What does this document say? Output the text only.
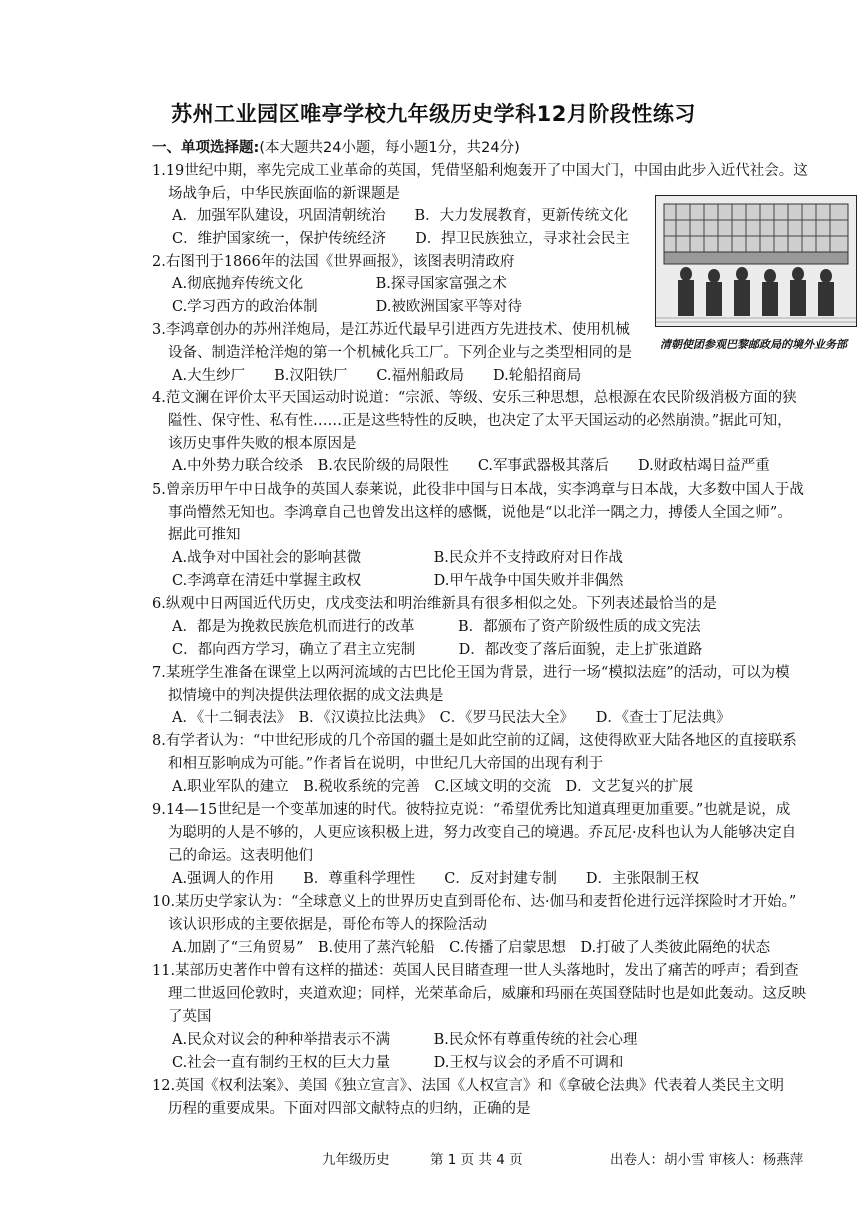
苏州工业园区唯亭学校九年级历史学科12月阶段性练习
一、单项选择题:(本大题共24小题，每小题1分，共24分)
清朝使团参观巴黎邮政局的境外业务部
1.19世纪中期，率先完成工业革命的英国，凭借坚船利炮轰开了中国大门，中国由此步入近代社会。这
场战争后，中华民族面临的新课题是
A．加强军队建设，巩固清朝统治　　B．大力发展教育，更新传统文化
C．维护国家统一，保护传统经济　　D．捍卫民族独立，寻求社会民主
2.右图刊于1866年的法国《世界画报》，该图表明清政府
A.彻底抛弃传统文化　　　　　B.探寻国家富强之术
C.学习西方的政治体制　　　　D.被欧洲国家平等对待
3.李鸿章创办的苏州洋炮局，是江苏近代最早引进西方先进技术、使用机械
设备、制造洋枪洋炮的第一个机械化兵工厂。下列企业与之类型相同的是
A.大生纱厂　　B.汉阳铁厂　　C.福州船政局　　D.轮船招商局
4.范文澜在评价太平天国运动时说道：“宗派、等级、安乐三种思想，总根源在农民阶级消极方面的狭
隘性、保守性、私有性……正是这些特性的反映，也决定了太平天国运动的必然崩溃。”据此可知，
该历史事件失败的根本原因是
A.中外势力联合绞杀　B.农民阶级的局限性　　C.军事武器极其落后　　D.财政枯竭日益严重
5.曾亲历甲午中日战争的英国人泰莱说，此役非中国与日本战，实李鸿章与日本战，大多数中国人于战
事尚懵然无知也。李鸿章自己也曾发出这样的感慨，说他是“以北洋一隅之力，搏倭人全国之师”。
据此可推知
A.战争对中国社会的影响甚微　　　　　B.民众并不支持政府对日作战
C.李鸿章在清廷中掌握主政权　　　　　D.甲午战争中国失败并非偶然
6.纵观中日两国近代历史，戊戌变法和明治维新具有很多相似之处。下列表述最恰当的是
A．都是为挽救民族危机而进行的改革　　　B．都颁布了资产阶级性质的成文宪法
C．都向西方学习，确立了君主立宪制　　　D．都改变了落后面貌，走上扩张道路
7.某班学生准备在课堂上以两河流域的古巴比伦王国为背景，进行一场“模拟法庭”的活动，可以为模
拟情境中的判决提供法理依据的成文法典是
A．《十二铜表法》　B．《汉谟拉比法典》　C．《罗马民法大全》　　D．《查士丁尼法典》
8.有学者认为：“中世纪形成的几个帝国的疆土是如此空前的辽阔，这使得欧亚大陆各地区的直接联系
和相互影响成为可能。”作者旨在说明，中世纪几大帝国的出现有利于
A.职业军队的建立　B.税收系统的完善　C.区域文明的交流　D．文艺复兴的扩展
9.14—15世纪是一个变革加速的时代。彼特拉克说：“希望优秀比知道真理更加重要。”也就是说，成
为聪明的人是不够的，人更应该积极上进，努力改变自己的境遇。乔瓦尼·皮科也认为人能够决定自
己的命运。这表明他们
A.强调人的作用　　B．尊重科学理性　　C．反对封建专制　　D．主张限制王权
10.某历史学家认为：“全球意义上的世界历史直到哥伦布、达·伽马和麦哲伦进行远洋探险时才开始。”
该认识形成的主要依据是，哥伦布等人的探险活动
A.加剧了“三角贸易”　B.使用了蒸汽轮船　C.传播了启蒙思想　D.打破了人类彼此隔绝的状态
11.某部历史著作中曾有这样的描述：英国人民目睹查理一世人头落地时，发出了痛苦的呼声；看到查
理二世返回伦敦时，夹道欢迎；同样，光荣革命后，威廉和玛丽在英国登陆时也是如此轰动。这反映
了英国
A.民众对议会的种种举措表示不满　　　B.民众怀有尊重传统的社会心理
C.社会一直有制约王权的巨大力量　　　D.王权与议会的矛盾不可调和
12.英国《权利法案》、美国《独立宣言》、法国《人权宣言》和《拿破仑法典》代表着人类民主文明
历程的重要成果。下面对四部文献特点的归纳，正确的是
九年级历史	第 1 页 共 4 页	出卷人：胡小雪 审核人：杨燕萍
